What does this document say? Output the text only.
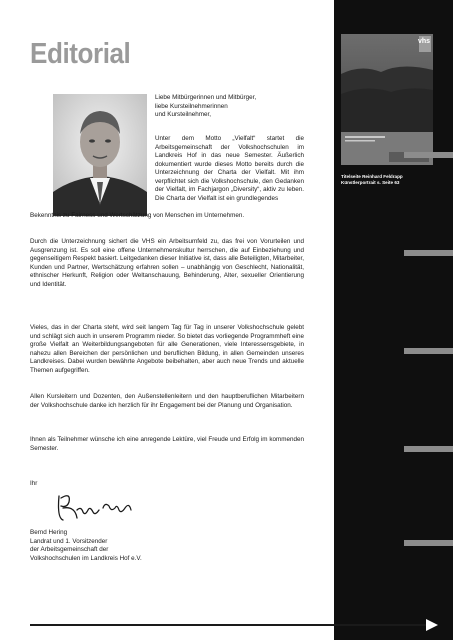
Editorial
Liebe Mitbürgerinnen und Mitbürger,
liebe Kursteilnehmerinnen
und Kursteilnehmer,
Unter dem Motto „Vielfalt“ startet die Arbeitsgemeinschaft der Volkshochschulen im Landkreis Hof in das neue Semester. Äußerlich dokumentiert wurde dieses Motto bereits durch die Unterzeichnung der Charta der Vielfalt. Mit ihm verpflichtet sich die Volkshochschule, den Gedanken der Vielfalt, im Fachjargon „Diversity“, aktiv zu leben. Die Charta der Vielfalt ist ein grundlegendes
Bekenntnis zu Fairness und Wertschätzung von Menschen im Unternehmen.
Durch die Unterzeichnung sichert die VHS ein Arbeitsumfeld zu, das frei von Vorurteilen und Ausgrenzung ist. Es soll eine offene Unternehmenskultur herrschen, die auf Einbeziehung und gegenseitigem Respekt basiert. Leitgedanken dieser Initiative ist, dass alle Beteiligten, Mitarbeiter, Kunden und Partner, Wertschätzung erfahren sollen – unabhängig von Geschlecht, Nationalität, ethnischer Herkunft, Religion oder Weltanschauung, Behinderung, Alter, sexueller Orientierung und Identität.
Vieles, das in der Charta steht, wird seit langem Tag für Tag in unserer Volkshochschule gelebt und schlägt sich auch in unserem Programm nieder. So bietet das vorliegende Programmheft eine große Vielfalt an Weiterbildungsangeboten für alle Generationen, viele Interessensgebiete, in nahezu allen Bereichen der persönlichen und beruflichen Bildung, in allen Gemeinden unseres Landkreises. Dabei wurden bewährte Angebote beibehalten, aber auch neue Trends und aktuelle Themen aufgegriffen.
Allen Kursleitern und Dozenten, den Außenstellenleitern und den hauptberuflichen Mitarbeitern der Volkshochschule danke ich herzlich für ihr Engagement bei der Planung und Organisation.
Ihnen als Teilnehmer wünsche ich eine anregende Lektüre, viel Freude und Erfolg im kommenden Semester.
Ihr
Bernd Hering
Landrat und 1. Vorsitzender
der Arbeitsgemeinschaft der
Volkshochschulen im Landkreis Hof e.V.
vhs
Titelseite Reinhard Feldrapp
Künstlerportrait s. Seite 63
